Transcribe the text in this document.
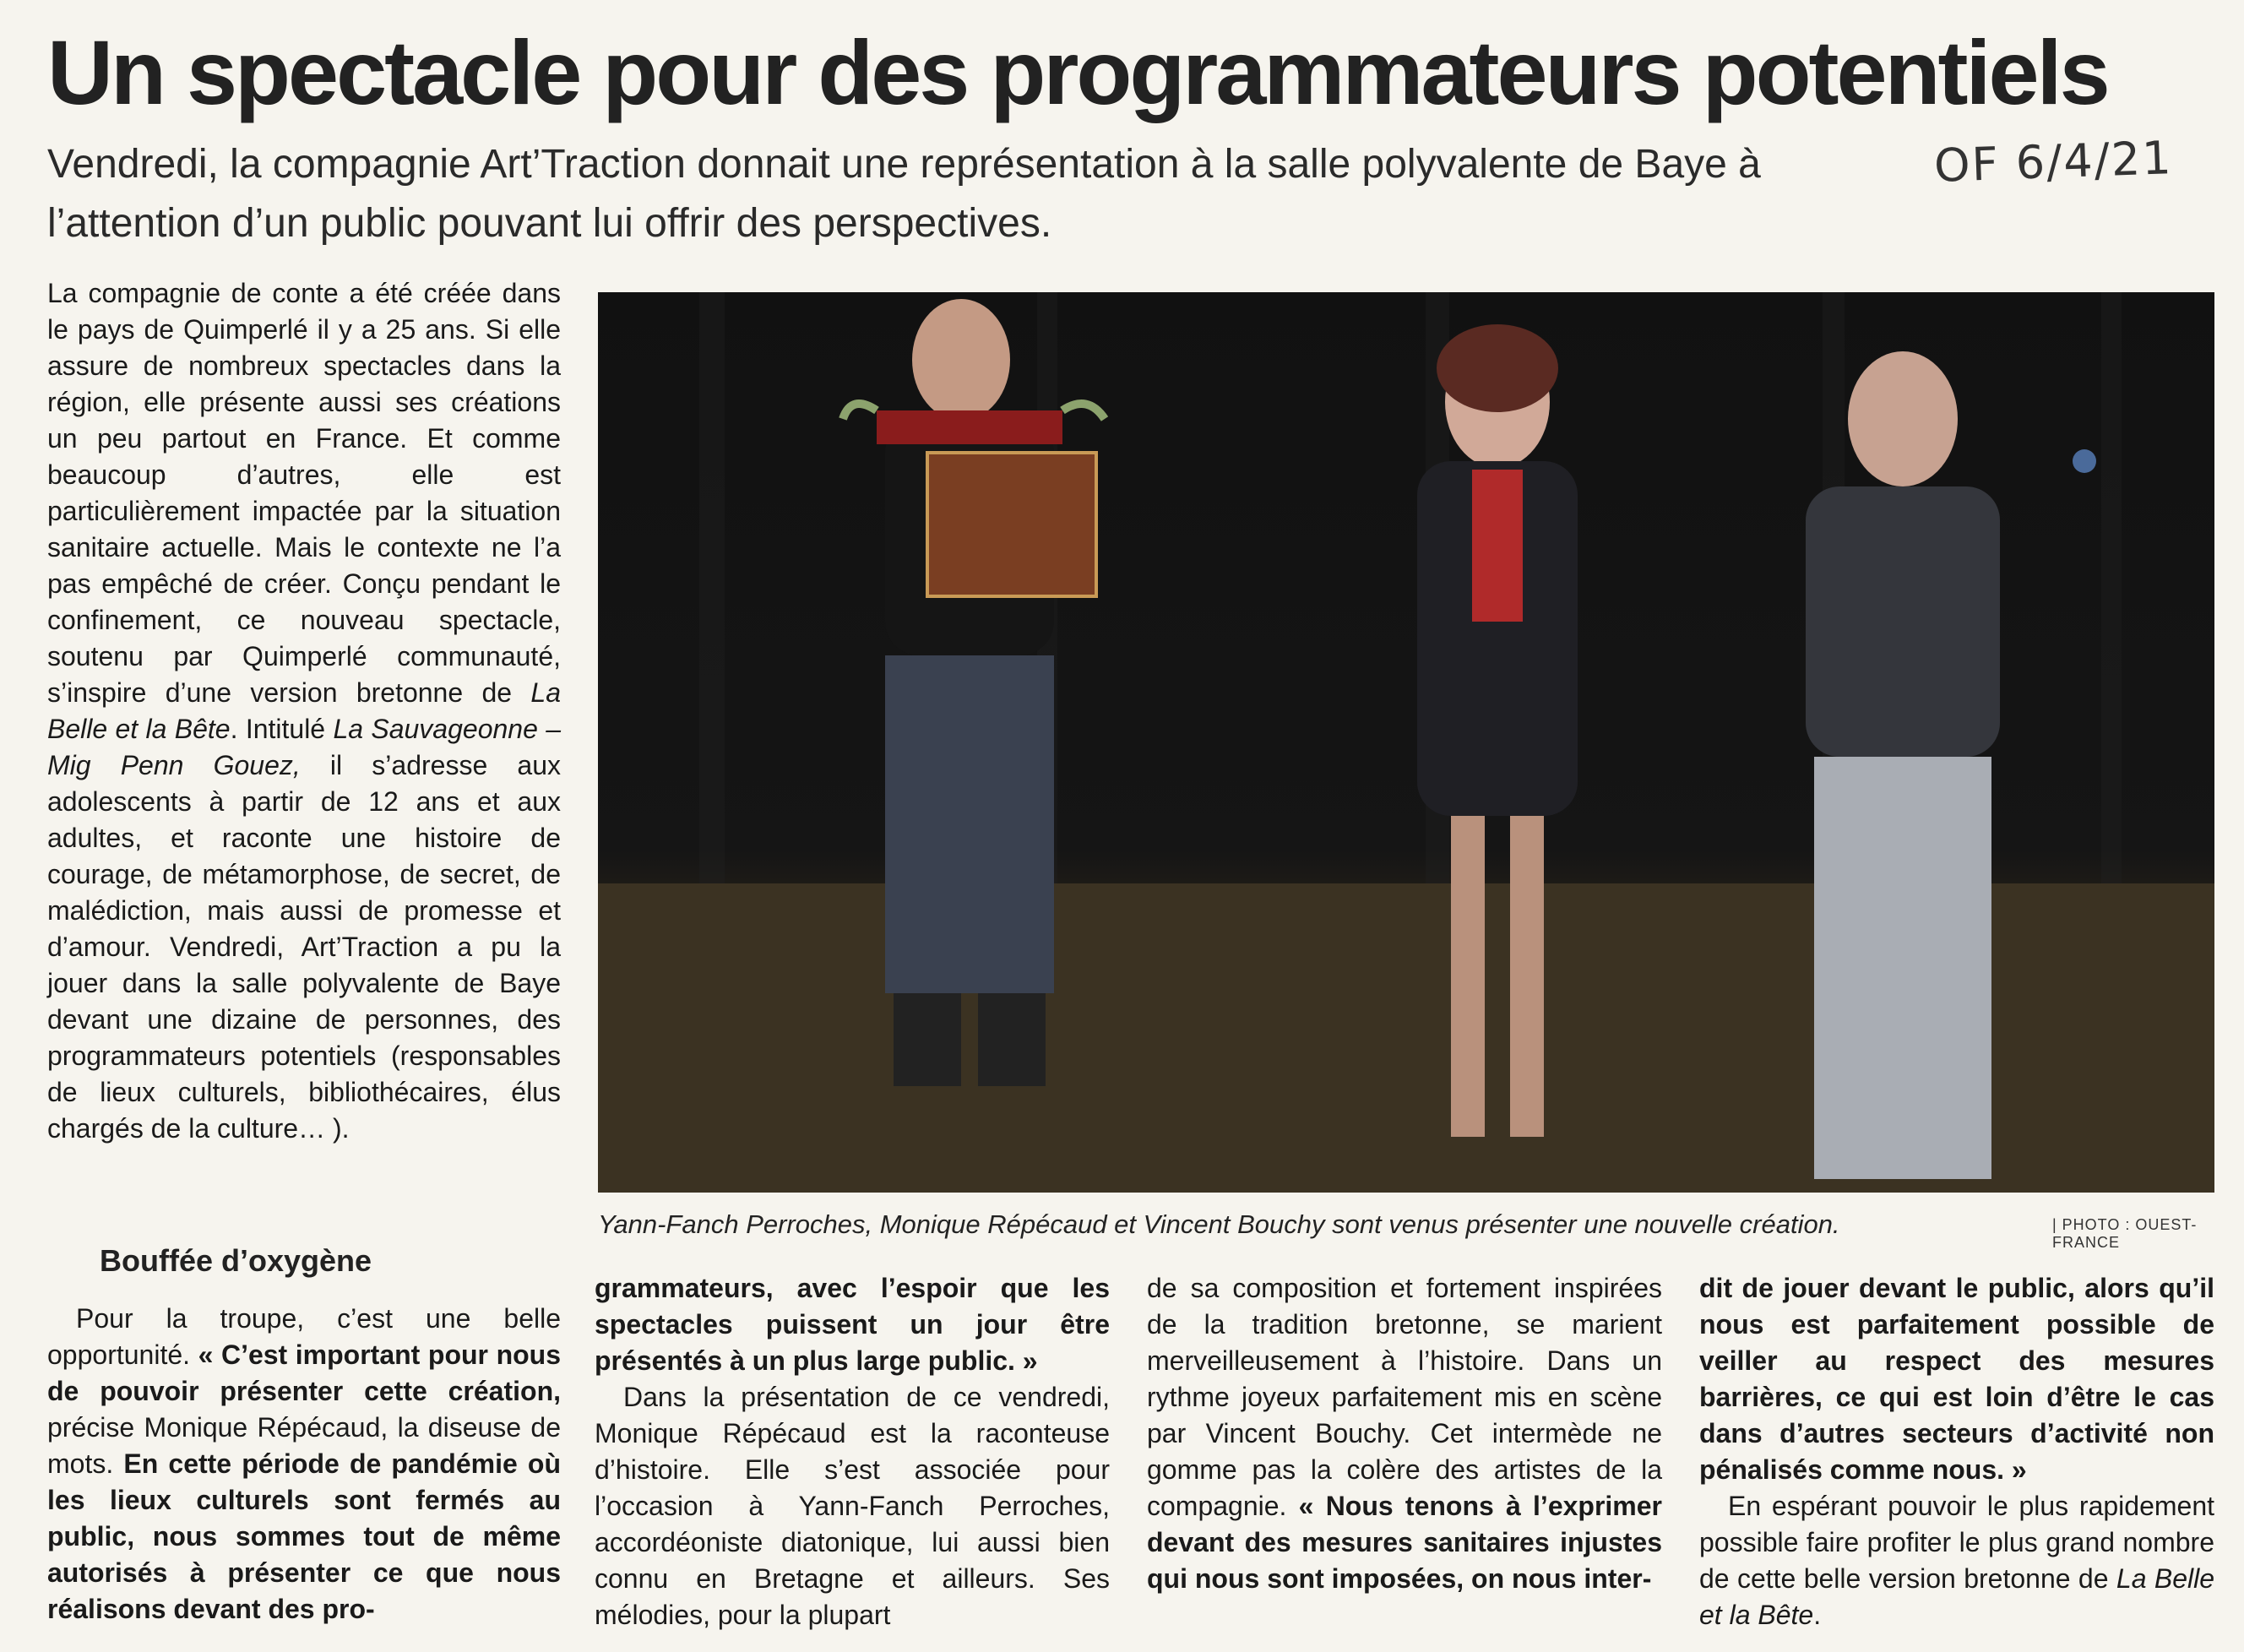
Un spectacle pour des programmateurs potentiels

Vendredi, la compagnie Art’Traction donnait une représentation à la salle polyvalente de Baye à l’attention d’un public pouvant lui offrir des perspectives.

OF 6/4/21

La compagnie de conte a été créée dans le pays de Quimperlé il y a 25 ans. Si elle assure de nombreux spectacles dans la région, elle présente aussi ses créations un peu partout en France. Et comme beaucoup d’autres, elle est particulièrement impactée par la situation sanitaire actuelle. Mais le contexte ne l’a pas empêché de créer. Conçu pendant le confinement, ce nouveau spectacle, soutenu par Quimperlé communauté, s’inspire d’une version bretonne de La Belle et la Bête. Intitulé La Sauvageonne – Mig Penn Gouez, il s’adresse aux adolescents à partir de 12 ans et aux adultes, et raconte une histoire de courage, de métamorphose, de secret, de malédiction, mais aussi de promesse et d’amour. Vendredi, Art’Traction a pu la jouer dans la salle polyvalente de Baye devant une dizaine de personnes, des programmateurs potentiels (responsables de lieux culturels, bibliothécaires, élus chargés de la culture… ).

Bouffée d’oxygène

Pour la troupe, c’est une belle opportunité. « C’est important pour nous de pouvoir présenter cette création, précise Monique Répécaud, la diseuse de mots. En cette période de pandémie où les lieux culturels sont fermés au public, nous sommes tout de même autorisés à présenter ce que nous réalisons devant des pro-

Yann-Fanch Perroches, Monique Répécaud et Vincent Bouchy sont venus présenter une nouvelle création.	| PHOTO : OUEST-FRANCE

grammateurs, avec l’espoir que les spectacles puissent un jour être présentés à un plus large public. »

Dans la présentation de ce vendredi, Monique Répécaud est la raconteuse d’histoire. Elle s’est associée pour l’occasion à Yann-Fanch Perroches, accordéoniste diatonique, lui aussi bien connu en Bretagne et ailleurs. Ses mélodies, pour la plupart

de sa composition et fortement inspirées de la tradition bretonne, se marient merveilleusement à l’histoire. Dans un rythme joyeux parfaitement mis en scène par Vincent Bouchy. Cet intermède ne gomme pas la colère des artistes de la compagnie. « Nous tenons à l’exprimer devant des mesures sanitaires injustes qui nous sont imposées, on nous inter-

dit de jouer devant le public, alors qu’il nous est parfaitement possible de veiller au respect des mesures barrières, ce qui est loin d’être le cas dans d’autres secteurs d’activité non pénalisés comme nous. »

En espérant pouvoir le plus rapidement possible faire profiter le plus grand nombre de cette belle version bretonne de La Belle et la Bête.
